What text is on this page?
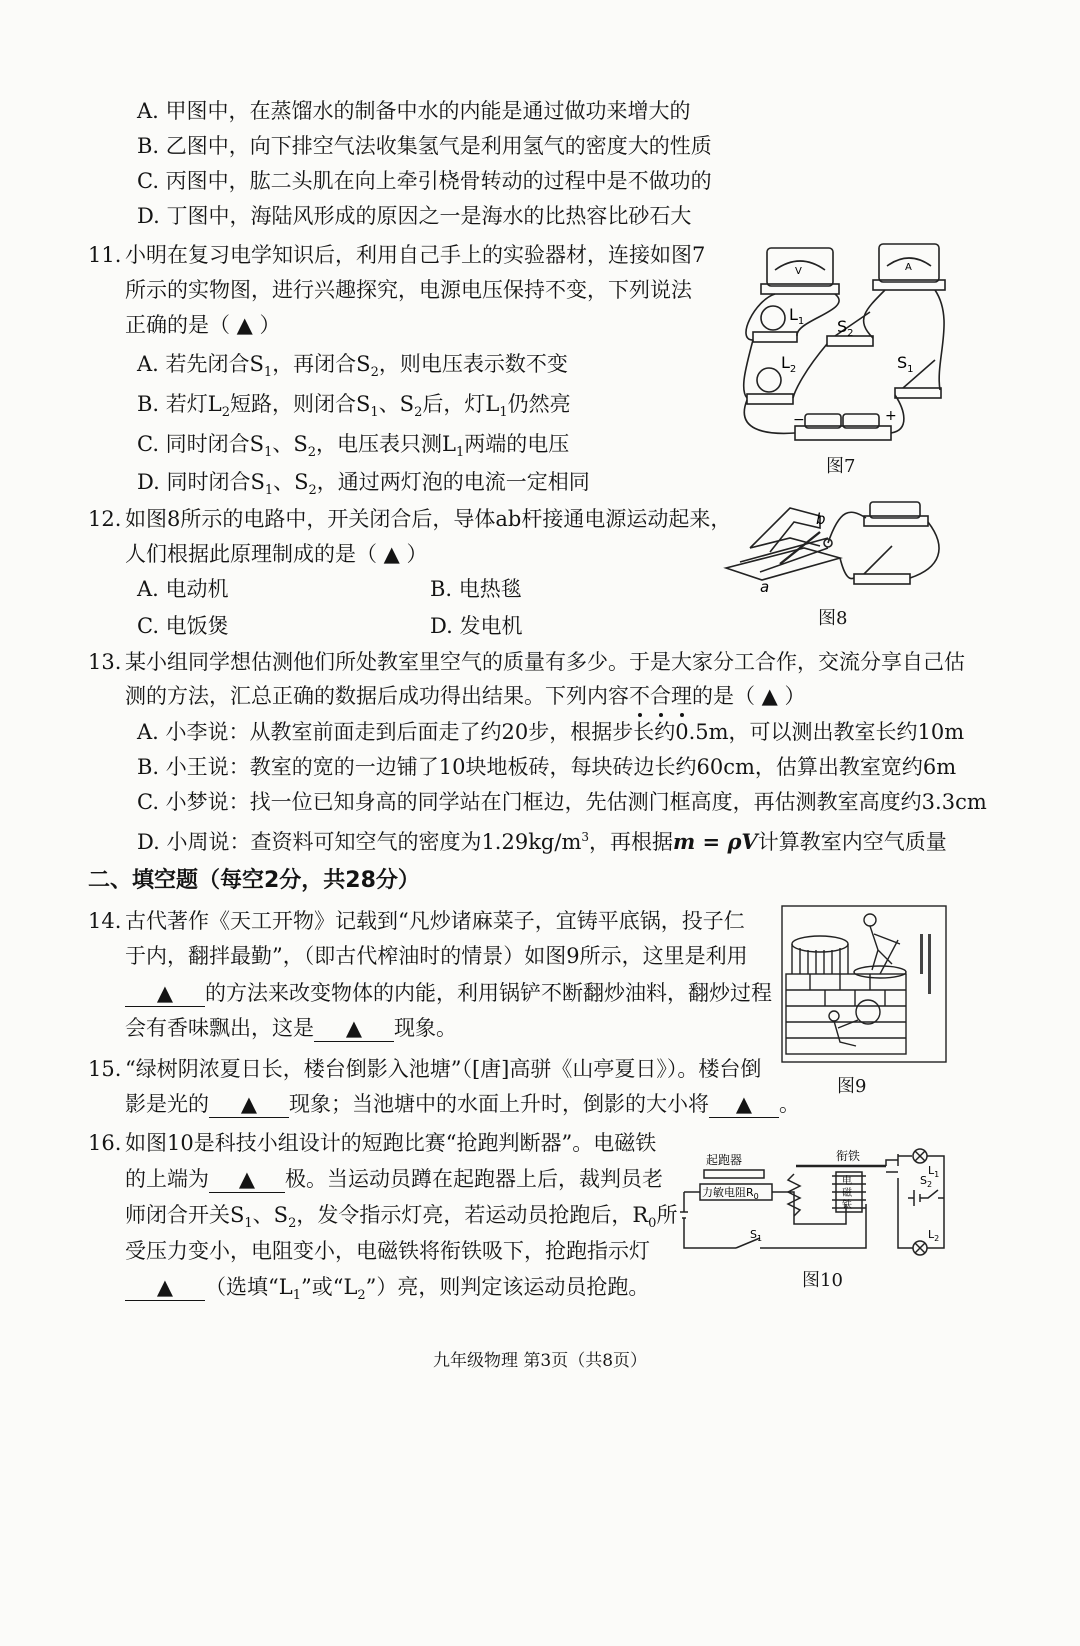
A. 甲图中，在蒸馏水的制备中水的内能是通过做功来增大的
B. 乙图中，向下排空气法收集氢气是利用氢气的密度大的性质
C. 丙图中，肱二头肌在向上牵引桡骨转动的过程中是不做功的
D. 丁图中，海陆风形成的原因之一是海水的比热容比砂石大
11. 小明在复习电学知识后，利用自己手上的实验器材，连接如图7
所示的实物图，进行兴趣探究，电源电压保持不变，下列说法
正确的是（ ▲ ）
A. 若先闭合$S_1$，再闭合$S_2$，则电压表示数不变
B. 若灯$L_2$短路，则闭合$S_1$、$S_2$后，灯$L_1$仍然亮
C. 同时闭合$S_1$、$S_2$，电压表只测$L_1$两端的电压
D. 同时闭合$S_1$、$S_2$，通过两灯泡的电流一定相同
V	A
$L_1$ $S_2$
$L_2$	$S_1$
−	+
图7
12. 如图8所示的电路中，开关闭合后，导体ab杆接通电源运动起来，
人们根据此原理制成的是（ ▲ ）
A. 电动机	B. 电热毯
C. 电饭煲	D. 发电机
a
b
图8
13. 某小组同学想估测他们所处教室里空气的质量有多少。于是大家分工合作，交流分享自己估
测的方法，汇总正确的数据后成功得出结果。下列内容不合理的是（ ▲ ）
A. 小李说：从教室前面走到后面走了约20步，根据步长约0.5m，可以测出教室长约10m
B. 小王说：教室的宽的一边铺了10块地板砖，每块砖边长约60cm，估算出教室宽约6m
C. 小梦说：找一位已知身高的同学站在门框边，先估测门框高度，再估测教室高度约3.3cm
D. 小周说：查资料可知空气的密度为$1.29kg/m^3$，再根据m = ρV计算教室内空气质量
二、填空题（每空2分，共28分）
14. 古代著作《天工开物》记载到“凡炒诸麻菜子，宜铸平底锅，投子仁
于内，翻拌最勤”，（即古代榨油时的情景）如图9所示，这里是利用
▲ 的方法来改变物体的内能，利用锅铲不断翻炒油料，翻炒过程
会有香味飘出，这是 ▲ 现象。
图9
15. “绿树阴浓夏日长，楼台倒影入池塘”（[唐]高骈《山亭夏日》）。楼台倒
影是光的 ▲ 现象；当池塘中的水面上升时，倒影的大小将 ▲ 。
16. 如图10是科技小组设计的短跑比赛“抢跑判断器”。电磁铁
的上端为 ▲ 极。当运动员蹲在起跑器上后，裁判员老
师闭合开关$S_1$、$S_2$，发令指示灯亮，若运动员抢跑后，$R_0$所
受压力变小，电阻变小，电磁铁将衔铁吸下，抢跑指示灯
▲ （选填“$L_1$”或“$L_2$”）亮，则判定该运动员抢跑。
起跑器
力敏电阻$R_0$
衔铁
电
磁
铁
$S_1$
$S_2$
$L_1$
$L_2$
图10
九年级物理 第3页（共8页）
